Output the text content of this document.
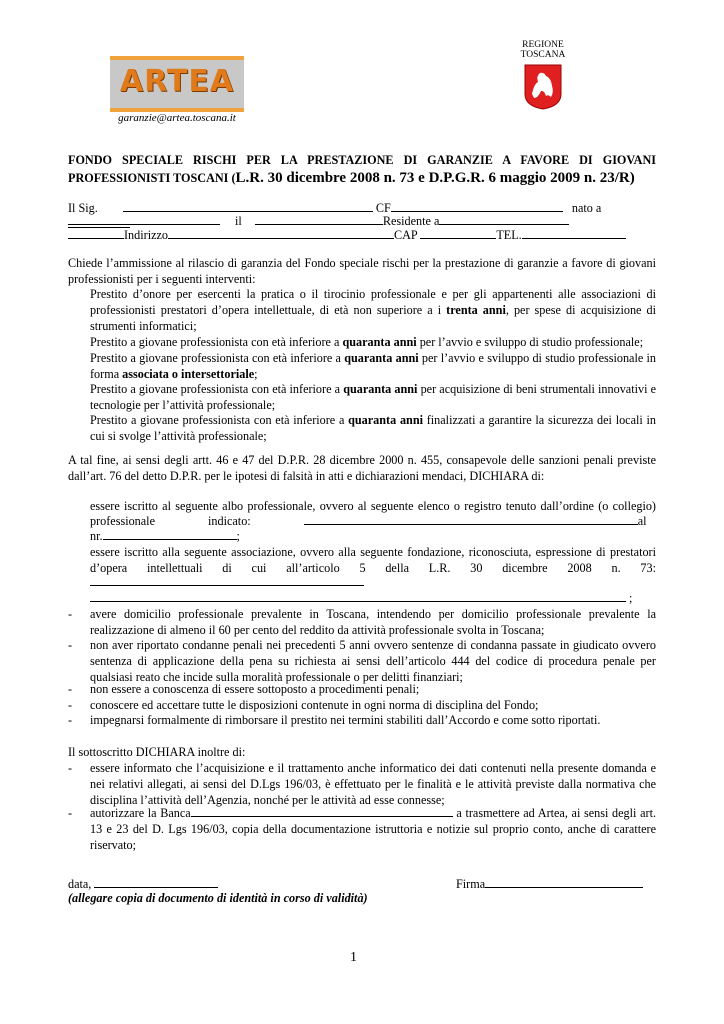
ARTEA
garanzie@artea.toscana.it
REGIONE
TOSCANA
FONDO SPECIALE RISCHI PER LA PRESTAZIONE DI GARANZIE A FAVORE DI GIOVANI
PROFESSIONISTI TOSCANI (L.R. 30 dicembre 2008 n. 73 e D.P.G.R. 6 maggio 2009 n. 23/R)
Il Sig.	CF	nato a
il	Residente a
Indirizzo	CAP	TEL.
Chiede l’ammissione al rilascio di garanzia del Fondo speciale rischi per la prestazione di garanzie a favore di giovani professionisti per i seguenti interventi:
Prestito d’onore per esercenti la pratica o il tirocinio professionale e per gli appartenenti alle associazioni di professionisti prestatori d’opera intellettuale, di età non superiore a i trenta anni, per spese di acquisizione di strumenti informatici;
Prestito a giovane professionista con età inferiore a quaranta anni per l’avvio e sviluppo di studio professionale;
Prestito a giovane professionista con età inferiore a quaranta anni per l’avvio e sviluppo di studio professionale in forma associata o intersettoriale;
Prestito a giovane professionista con età inferiore a quaranta anni per acquisizione di beni strumentali innovativi e tecnologie per l’attività professionale;
Prestito a giovane professionista con età inferiore a quaranta anni finalizzati a garantire la sicurezza dei locali in cui si svolge l’attività professionale;
A tal fine, ai sensi degli artt. 46 e 47 del D.P.R. 28 dicembre 2000 n. 455, consapevole delle sanzioni penali previste dall’art. 76 del detto D.P.R. per le ipotesi di falsità in atti e dichiarazioni mendaci, DICHIARA di:
essere iscritto al seguente albo professionale, ovvero al seguente elenco o registro tenuto dall’ordine (o collegio)
professionale	indicato:	al
nr.	;
essere iscritto alla seguente associazione, ovvero alla seguente fondazione, riconosciuta, espressione di prestatori
d’opera intellettuali di cui all’articolo 5 della L.R. 30 dicembre 2008 n. 73:
;
- avere domicilio professionale prevalente in Toscana, intendendo per domicilio professionale prevalente la realizzazione di almeno il 60 per cento del reddito da attività professionale svolta in Toscana;
- non aver riportato condanne penali nei precedenti 5 anni ovvero sentenze di condanna passate in giudicato ovvero sentenza di applicazione della pena su richiesta ai sensi dell’articolo 444 del codice di procedura penale per qualsiasi reato che incide sulla moralità professionale o per delitti finanziari;
- non essere a conoscenza di essere sottoposto a procedimenti penali;
- conoscere ed accettare tutte le disposizioni contenute in ogni norma di disciplina del Fondo;
- impegnarsi formalmente di rimborsare il prestito nei termini stabiliti dall’Accordo e come sotto riportati.
Il sottoscritto DICHIARA inoltre di:
- essere informato che l’acquisizione e il trattamento anche informatico dei dati contenuti nella presente domanda e nei relativi allegati, ai sensi del D.Lgs 196/03, è effettuato per le finalità e le attività previste dalla normativa che disciplina l’attività dell’Agenzia, nonché per le attività ad esse connesse;
- autorizzare la Banca	a trasmettere ad Artea, ai sensi degli art. 13 e 23 del D. Lgs 196/03, copia della documentazione istruttoria e notizie sul proprio conto, anche di carattere riservato;
data,	Firma
(allegare copia di documento di identità in corso di validità)
1
